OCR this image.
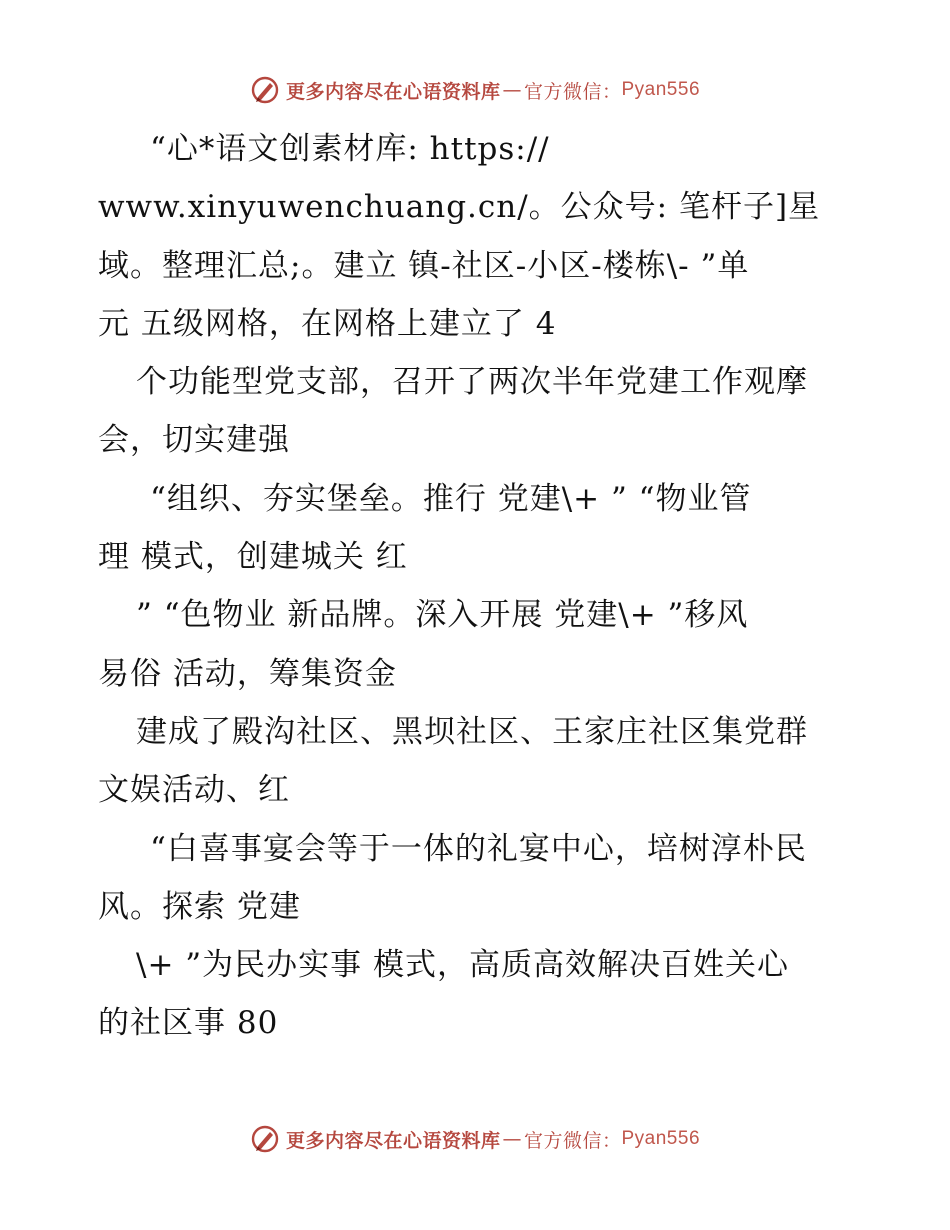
更多内容尽在心语资料库 — 官方微信： Pyan556
“心*语文创素材库: https://
www.xinyuwenchuang.cn/。公众号: 笔杆子]星
域。整理汇总;。建立 镇-社区-小区-楼栋\- ”单
元 五级网格，在网格上建立了 4
个功能型党支部，召开了两次半年党建工作观摩
会，切实建强
“组织、夯实堡垒。推行 党建\+ ” “物业管
理 模式，创建城关 红
” “色物业 新品牌。深入开展 党建\+ ”移风
易俗 活动，筹集资金
建成了殿沟社区、黑坝社区、王家庄社区集党群
文娱活动、红
“白喜事宴会等于一体的礼宴中心，培树淳朴民
风。探索 党建
\+ ”为民办实事 模式，高质高效解决百姓关心
的社区事 80
更多内容尽在心语资料库 — 官方微信： Pyan556
